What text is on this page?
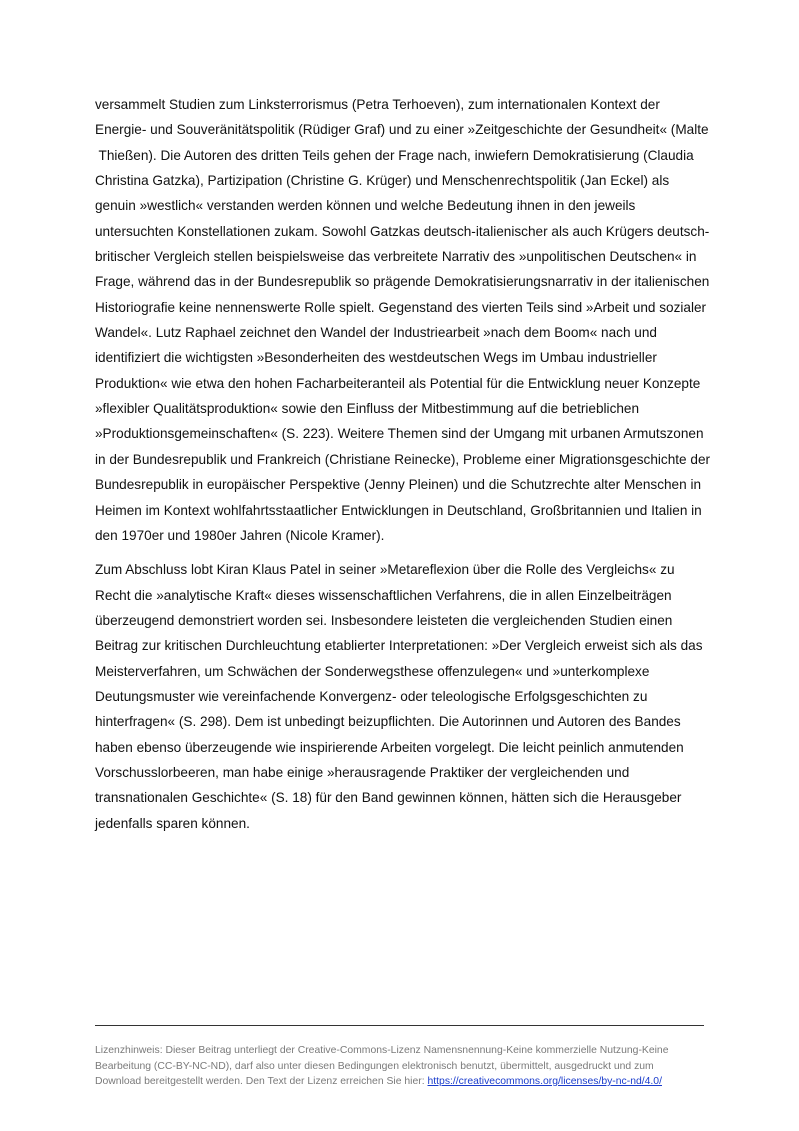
versammelt Studien zum Linksterrorismus (Petra Terhoeven), zum internationalen Kontext der
Energie- und Souveränitätspolitik (Rüdiger Graf) und zu einer »Zeitgeschichte der Gesundheit« (Malte
Thießen). Die Autoren des dritten Teils gehen der Frage nach, inwiefern Demokratisierung (Claudia
Christina Gatzka), Partizipation (Christine G. Krüger) und Menschenrechtspolitik (Jan Eckel) als
genuin »westlich« verstanden werden können und welche Bedeutung ihnen in den jeweils
untersuchten Konstellationen zukam. Sowohl Gatzkas deutsch-italienischer als auch Krügers deutsch-
britischer Vergleich stellen beispielsweise das verbreitete Narrativ des »unpolitischen Deutschen« in
Frage, während das in der Bundesrepublik so prägende Demokratisierungsnarrativ in der italienischen
Historiografie keine nennenswerte Rolle spielt. Gegenstand des vierten Teils sind »Arbeit und sozialer
Wandel«. Lutz Raphael zeichnet den Wandel der Industriearbeit »nach dem Boom« nach und
identifiziert die wichtigsten »Besonderheiten des westdeutschen Wegs im Umbau industrieller
Produktion« wie etwa den hohen Facharbeiteranteil als Potential für die Entwicklung neuer Konzepte
»flexibler Qualitätsproduktion« sowie den Einfluss der Mitbestimmung auf die betrieblichen
»Produktionsgemeinschaften« (S. 223). Weitere Themen sind der Umgang mit urbanen Armutszonen
in der Bundesrepublik und Frankreich (Christiane Reinecke), Probleme einer Migrationsgeschichte der
Bundesrepublik in europäischer Perspektive (Jenny Pleinen) und die Schutzrechte alter Menschen in
Heimen im Kontext wohlfahrtsstaatlicher Entwicklungen in Deutschland, Großbritannien und Italien in
den 1970er und 1980er Jahren (Nicole Kramer).

Zum Abschluss lobt Kiran Klaus Patel in seiner »Metareflexion über die Rolle des Vergleichs« zu
Recht die »analytische Kraft« dieses wissenschaftlichen Verfahrens, die in allen Einzelbeiträgen
überzeugend demonstriert worden sei. Insbesondere leisteten die vergleichenden Studien einen
Beitrag zur kritischen Durchleuchtung etablierter Interpretationen: »Der Vergleich erweist sich als das
Meisterverfahren, um Schwächen der Sonderwegsthese offenzulegen« und »unterkomplexe
Deutungsmuster wie vereinfachende Konvergenz- oder teleologische Erfolgsgeschichten zu
hinterfragen« (S. 298). Dem ist unbedingt beizupflichten. Die Autorinnen und Autoren des Bandes
haben ebenso überzeugende wie inspirierende Arbeiten vorgelegt. Die leicht peinlich anmutenden
Vorschusslorbeeren, man habe einige »herausragende Praktiker der vergleichenden und
transnationalen Geschichte« (S. 18) für den Band gewinnen können, hätten sich die Herausgeber
jedenfalls sparen können.

Lizenzhinweis: Dieser Beitrag unterliegt der Creative-Commons-Lizenz Namensnennung-Keine kommerzielle Nutzung-Keine
Bearbeitung (CC-BY-NC-ND), darf also unter diesen Bedingungen elektronisch benutzt, übermittelt, ausgedruckt und zum
Download bereitgestellt werden. Den Text der Lizenz erreichen Sie hier: https://creativecommons.org/licenses/by-nc-nd/4.0/
